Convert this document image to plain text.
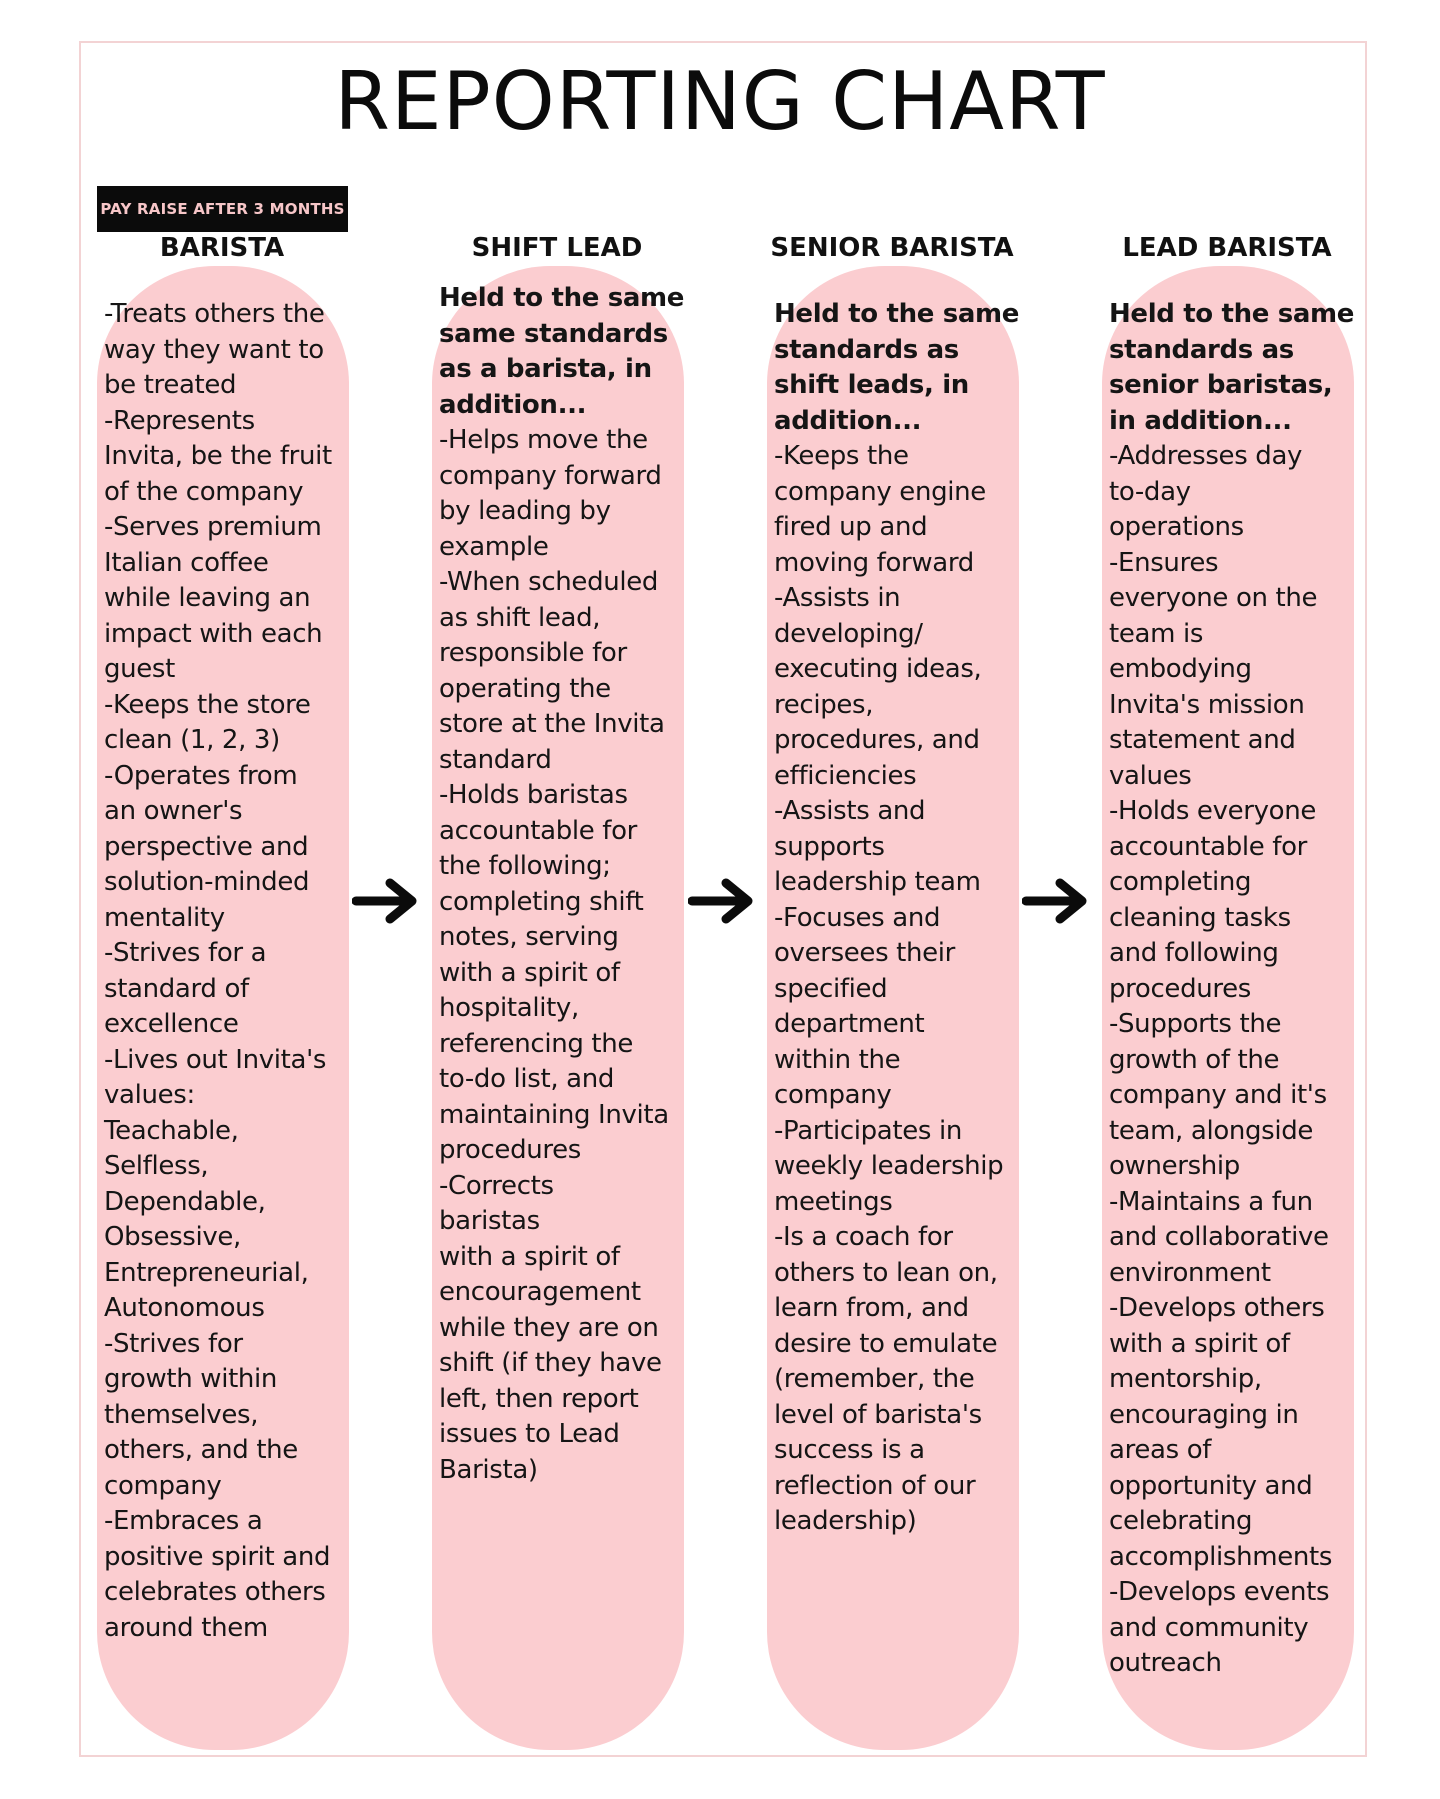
REPORTING CHART
PAY RAISE AFTER 3 MONTHS
BARISTA
-Treats others the
way they want to
be treated
-Represents
Invita, be the fruit
of the company
-Serves premium
Italian coffee
while leaving an
impact with each
guest
-Keeps the store
clean (1, 2, 3)
-Operates from
an owner's
perspective and
solution-minded
mentality
-Strives for a
standard of
excellence
-Lives out Invita's
values:
Teachable,
Selfless,
Dependable,
Obsessive,
Entrepreneurial,
Autonomous
-Strives for
growth within
themselves,
others, and the
company
-Embraces a
positive spirit and
celebrates others
around them
SHIFT LEAD
Held to the same
same standards
as a barista, in
addition...
-Helps move the
company forward
by leading by
example
-When scheduled
as shift lead,
responsible for
operating the
store at the Invita
standard
-Holds baristas
accountable for
the following;
completing shift
notes, serving
with a spirit of
hospitality,
referencing the
to-do list, and
maintaining Invita
procedures
-Corrects
baristas
with a spirit of
encouragement
while they are on
shift (if they have
left, then report
issues to Lead
Barista)
SENIOR BARISTA
Held to the same
standards as
shift leads, in
addition...
-Keeps the
company engine
fired up and
moving forward
-Assists in
developing/
executing ideas,
recipes,
procedures, and
efficiencies
-Assists and
supports
leadership team
-Focuses and
oversees their
specified
department
within the
company
-Participates in
weekly leadership
meetings
-Is a coach for
others to lean on,
learn from, and
desire to emulate
(remember, the
level of barista's
success is a
reflection of our
leadership)
LEAD BARISTA
Held to the same
standards as
senior baristas,
in addition...
-Addresses day
to-day
operations
-Ensures
everyone on the
team is
embodying
Invita's mission
statement and
values
-Holds everyone
accountable for
completing
cleaning tasks
and following
procedures
-Supports the
growth of the
company and it's
team, alongside
ownership
-Maintains a fun
and collaborative
environment
-Develops others
with a spirit of
mentorship,
encouraging in
areas of
opportunity and
celebrating
accomplishments
-Develops events
and community
outreach
